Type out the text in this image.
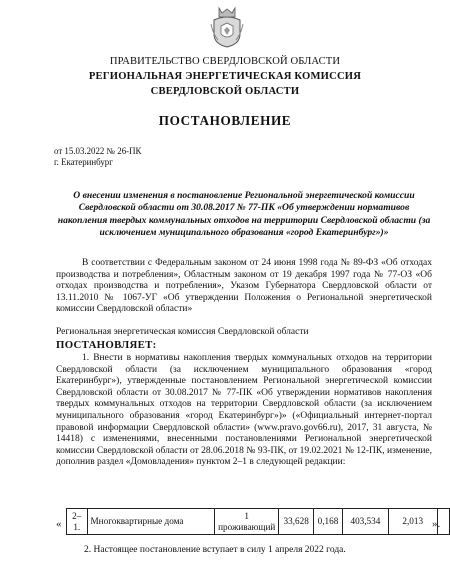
ПРАВИТЕЛЬСТВО СВЕРДЛОВСКОЙ ОБЛАСТИ
РЕГИОНАЛЬНАЯ ЭНЕРГЕТИЧЕСКАЯ КОМИССИЯ
СВЕРДЛОВСКОЙ ОБЛАСТИ
ПОСТАНОВЛЕНИЕ
от 15.03.2022 № 26-ПК
г. Екатеринбург
О внесении изменения в постановление Региональной энергетической комиссии Свердловской области от 30.08.2017 № 77-ПК «Об утверждении нормативов накопления твердых коммунальных отходов на территории Свердловской области (за исключением муниципального образования «город Екатеринбург»)»
В соответствии с Федеральным законом от 24 июня 1998 года № 89-ФЗ «Об отходах производства и потребления», Областным законом от 19 декабря 1997 года № 77-ОЗ «Об отходах производства и потребления», Указом Губернатора Свердловской области от 13.11.2010 № 1067-УГ «Об утверждении Положения о Региональной энергетической комиссии Свердловской области»
Региональная энергетическая комиссия Свердловской области
ПОСТАНОВЛЯЕТ:
1. Внести в нормативы накопления твердых коммунальных отходов на территории Свердловской области (за исключением муниципального образования «город Екатеринбург»), утвержденные постановлением Региональной энергетической комиссии Свердловской области от 30.08.2017 № 77-ПК «Об утверждении нормативов накопления твердых коммунальных отходов на территории Свердловской области (за исключением муниципального образования «город Екатеринбург»)» («Официальный интернет-портал правовой информации Свердловской области» (www.pravo.gov66.ru), 2017, 31 августа, № 14418) с изменениями, внесенными постановлениями Региональной энергетической комиссии Свердловской области от 28.06.2018 № 93-ПК, от 19.02.2021 № 12-ПК, изменение, дополнив раздел «Домовладения» пунктом 2–1 в следующей редакции:
«
2–1.	Многоквартирные дома	1 проживающий	33,628	0,168	403,534	2,013	».
2. Настоящее постановление вступает в силу 1 апреля 2022 года.
